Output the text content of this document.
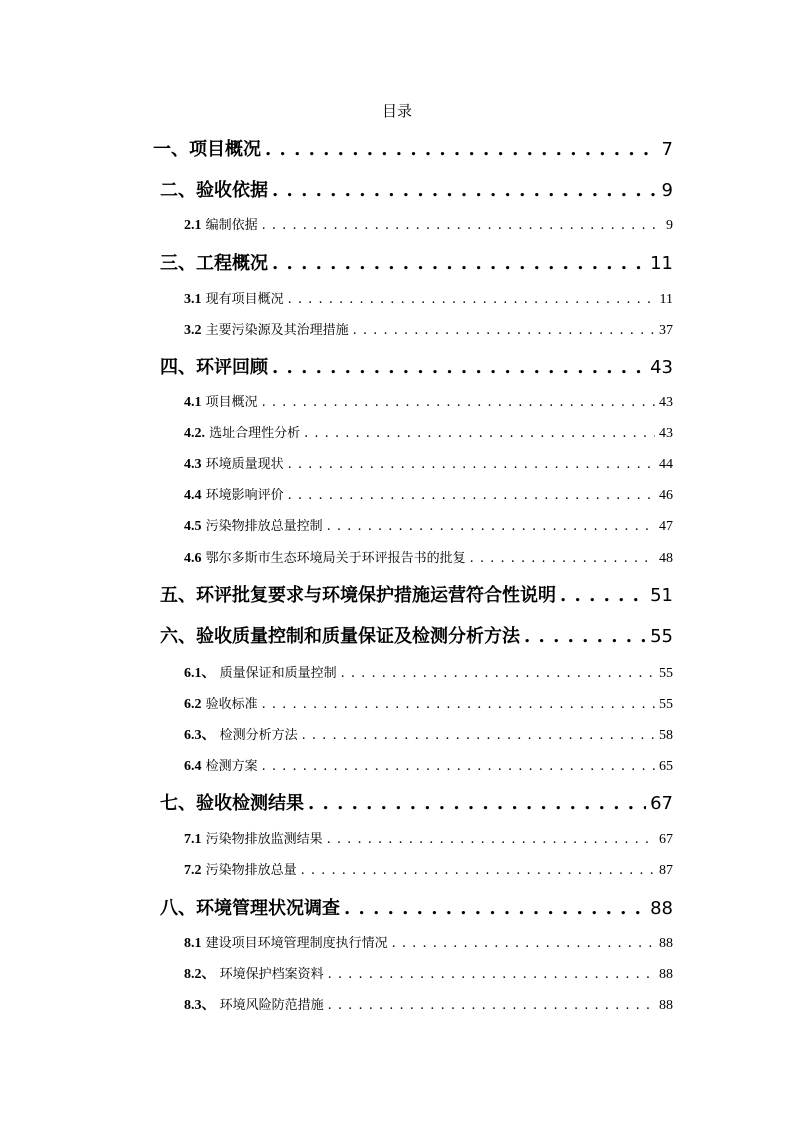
目录
一、项目概况 . . .	7
二、验收依据 . . .	9
2.1 编制依据 . . .	9
三、工程概况 . . .	11
3.1 现有项目概况 . . .	11
3.2 主要污染源及其治理措施 . . .	37
四、环评回顾 . . .	43
4.1 项目概况 . . .	43
4.2. 选址合理性分析 . . .	43
4.3 环境质量现状 . . .	44
4.4 环境影响评价 . . .	46
4.5 污染物排放总量控制 . . .	47
4.6 鄂尔多斯市生态环境局关于环评报告书的批复 . . .	48
五、环评批复要求与环境保护措施运营符合性说明 . . .	51
六、验收质量控制和质量保证及检测分析方法 . . .	55
6.1、 质量保证和质量控制 . . .	55
6.2 验收标准 . . .	55
6.3、 检测分析方法 . . .	58
6.4 检测方案 . . .	65
七、验收检测结果 . . .	67
7.1 污染物排放监测结果 . . .	67
7.2 污染物排放总量 . . .	87
八、环境管理状况调查 . . .	88
8.1 建设项目环境管理制度执行情况 . . .	88
8.2、 环境保护档案资料 . . .	88
8.3、 环境风险防范措施 . . .	88
